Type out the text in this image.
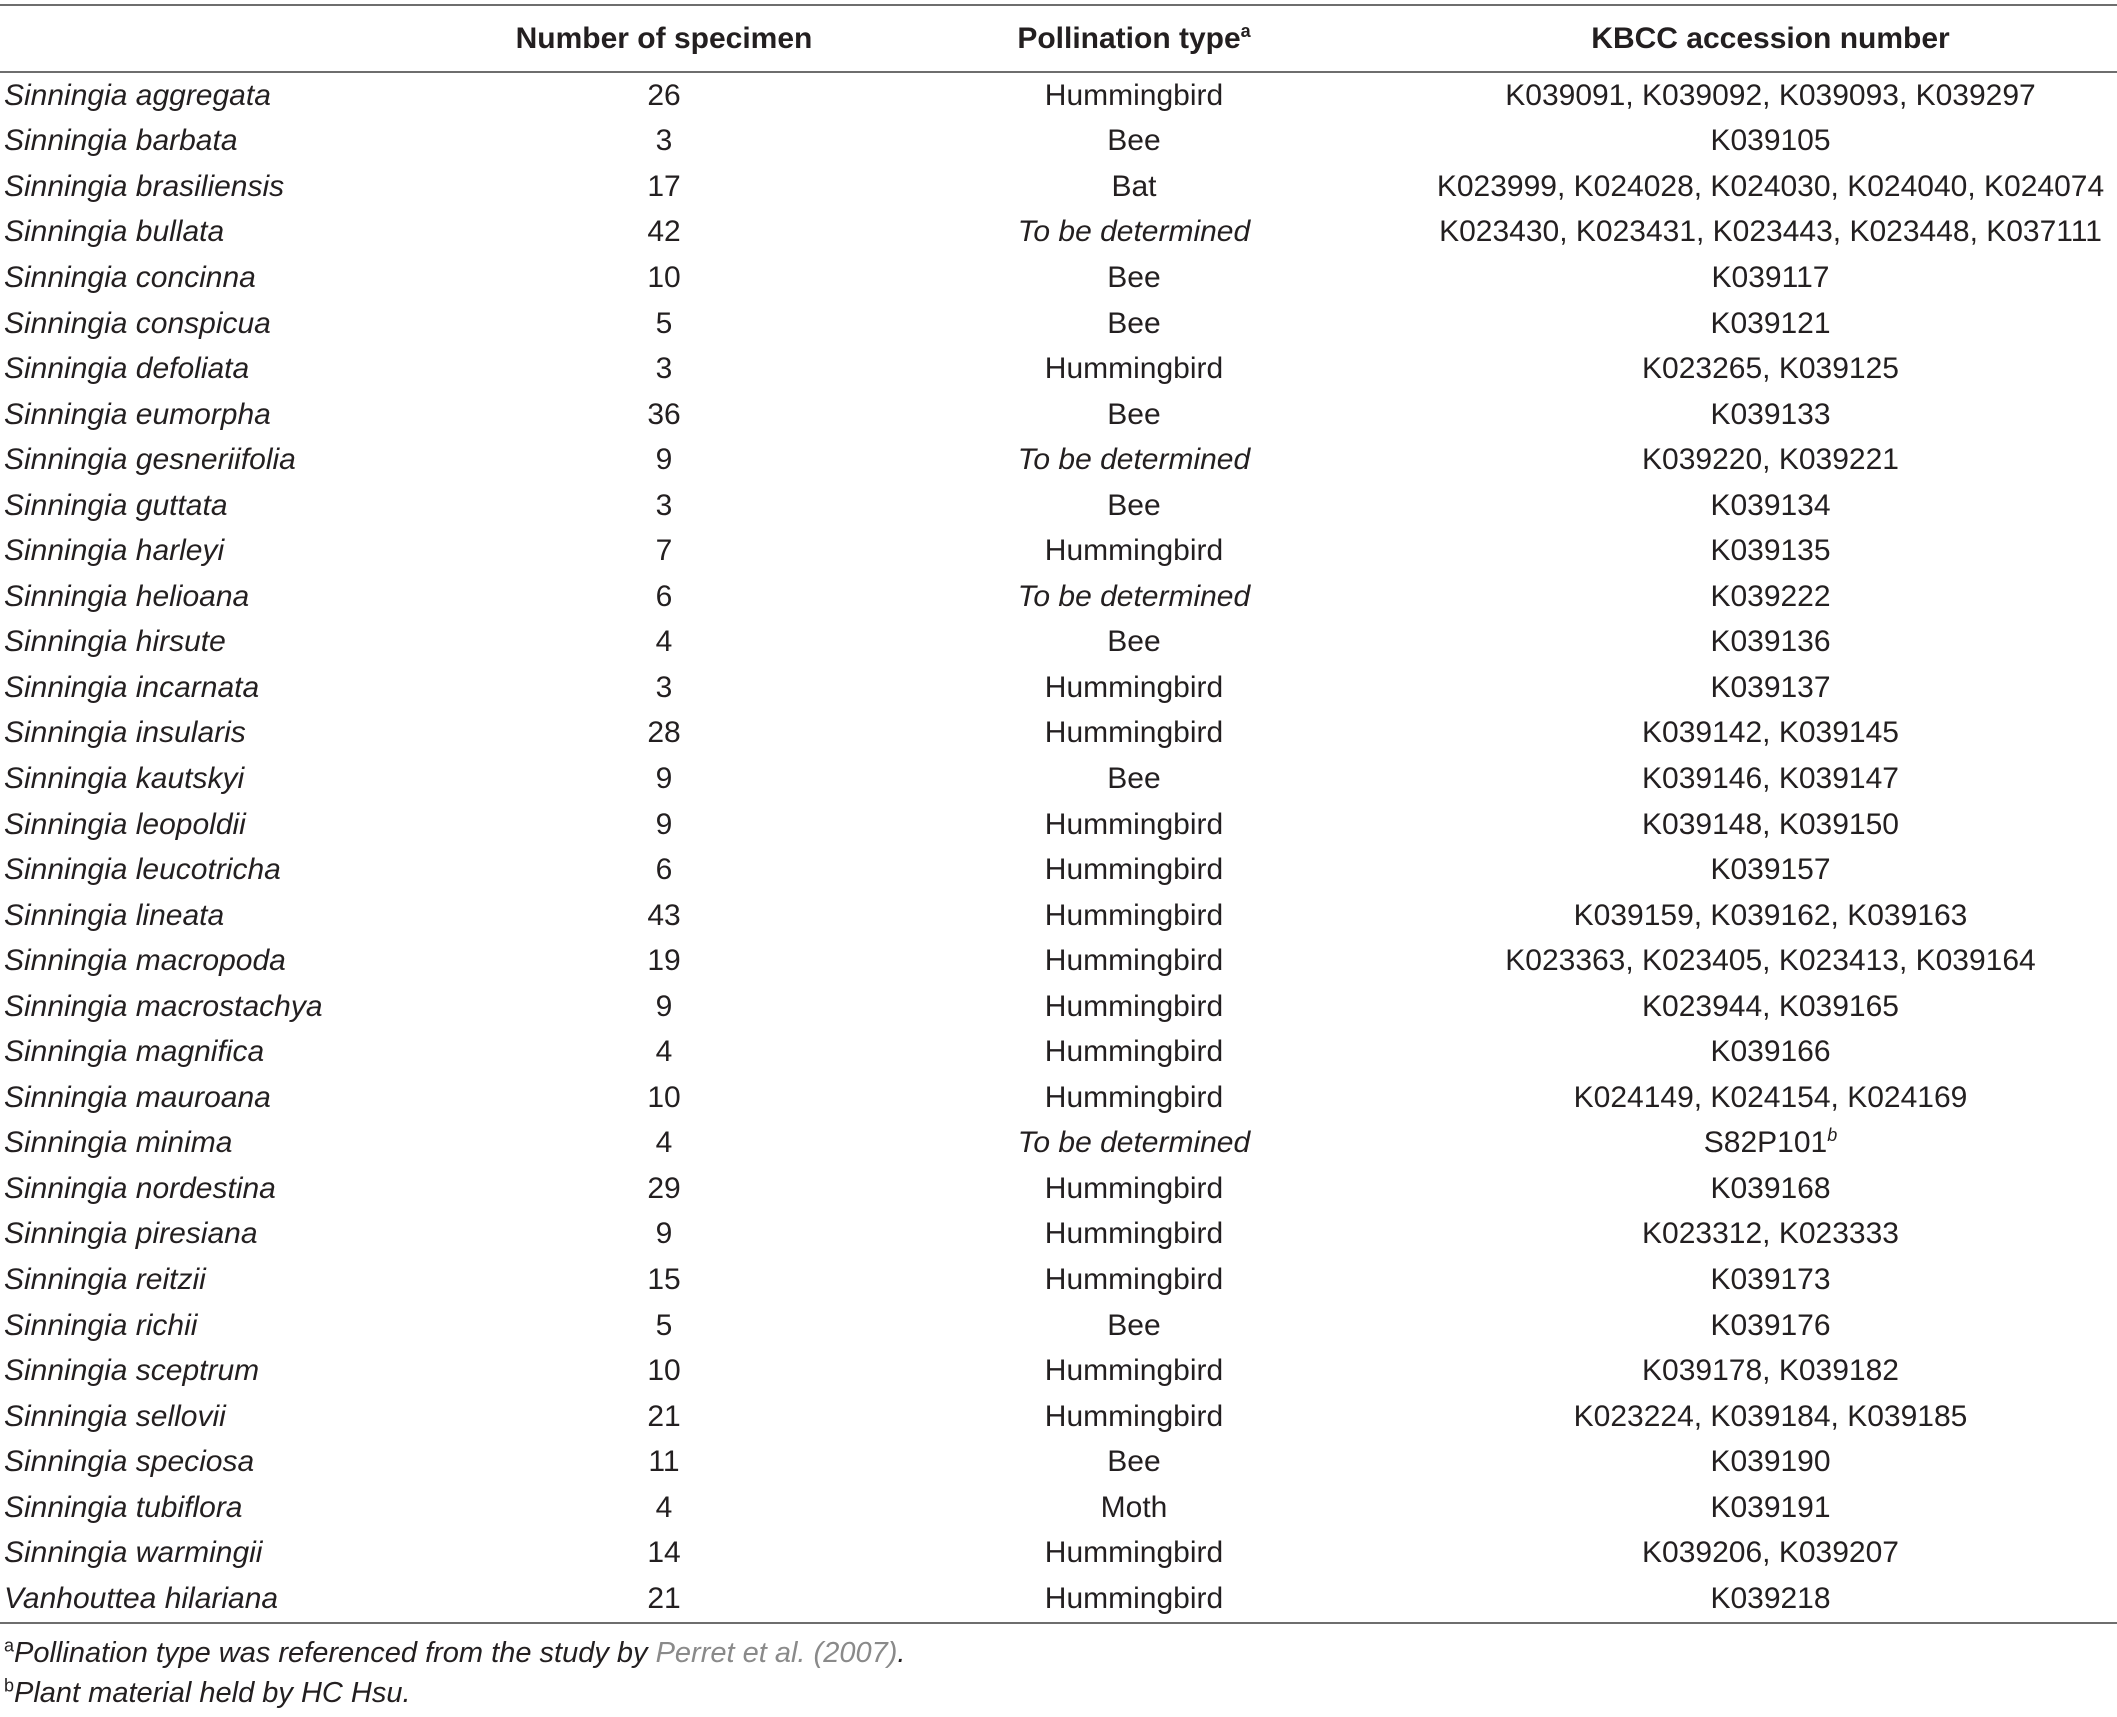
	Number of specimen	Pollination type$^a$	KBCC accession number
Sinningia aggregata	26	Hummingbird	K039091, K039092, K039093, K039297
Sinningia barbata	3	Bee	K039105
Sinningia brasiliensis	17	Bat	K023999, K024028, K024030, K024040, K024074
Sinningia bullata	42	To be determined	K023430, K023431, K023443, K023448, K037111
Sinningia concinna	10	Bee	K039117
Sinningia conspicua	5	Bee	K039121
Sinningia defoliata	3	Hummingbird	K023265, K039125
Sinningia eumorpha	36	Bee	K039133
Sinningia gesneriifolia	9	To be determined	K039220, K039221
Sinningia guttata	3	Bee	K039134
Sinningia harleyi	7	Hummingbird	K039135
Sinningia helioana	6	To be determined	K039222
Sinningia hirsute	4	Bee	K039136
Sinningia incarnata	3	Hummingbird	K039137
Sinningia insularis	28	Hummingbird	K039142, K039145
Sinningia kautskyi	9	Bee	K039146, K039147
Sinningia leopoldii	9	Hummingbird	K039148, K039150
Sinningia leucotricha	6	Hummingbird	K039157
Sinningia lineata	43	Hummingbird	K039159, K039162, K039163
Sinningia macropoda	19	Hummingbird	K023363, K023405, K023413, K039164
Sinningia macrostachya	9	Hummingbird	K023944, K039165
Sinningia magnifica	4	Hummingbird	K039166
Sinningia mauroana	10	Hummingbird	K024149, K024154, K024169
Sinningia minima	4	To be determined	S82P101$^b$
Sinningia nordestina	29	Hummingbird	K039168
Sinningia piresiana	9	Hummingbird	K023312, K023333
Sinningia reitzii	15	Hummingbird	K039173
Sinningia richii	5	Bee	K039176
Sinningia sceptrum	10	Hummingbird	K039178, K039182
Sinningia sellovii	21	Hummingbird	K023224, K039184, K039185
Sinningia speciosa	11	Bee	K039190
Sinningia tubiflora	4	Moth	K039191
Sinningia warmingii	14	Hummingbird	K039206, K039207
Vanhouttea hilariana	21	Hummingbird	K039218
$^a$Pollination type was referenced from the study by Perret et al. (2007).
$^b$Plant material held by HC Hsu.
